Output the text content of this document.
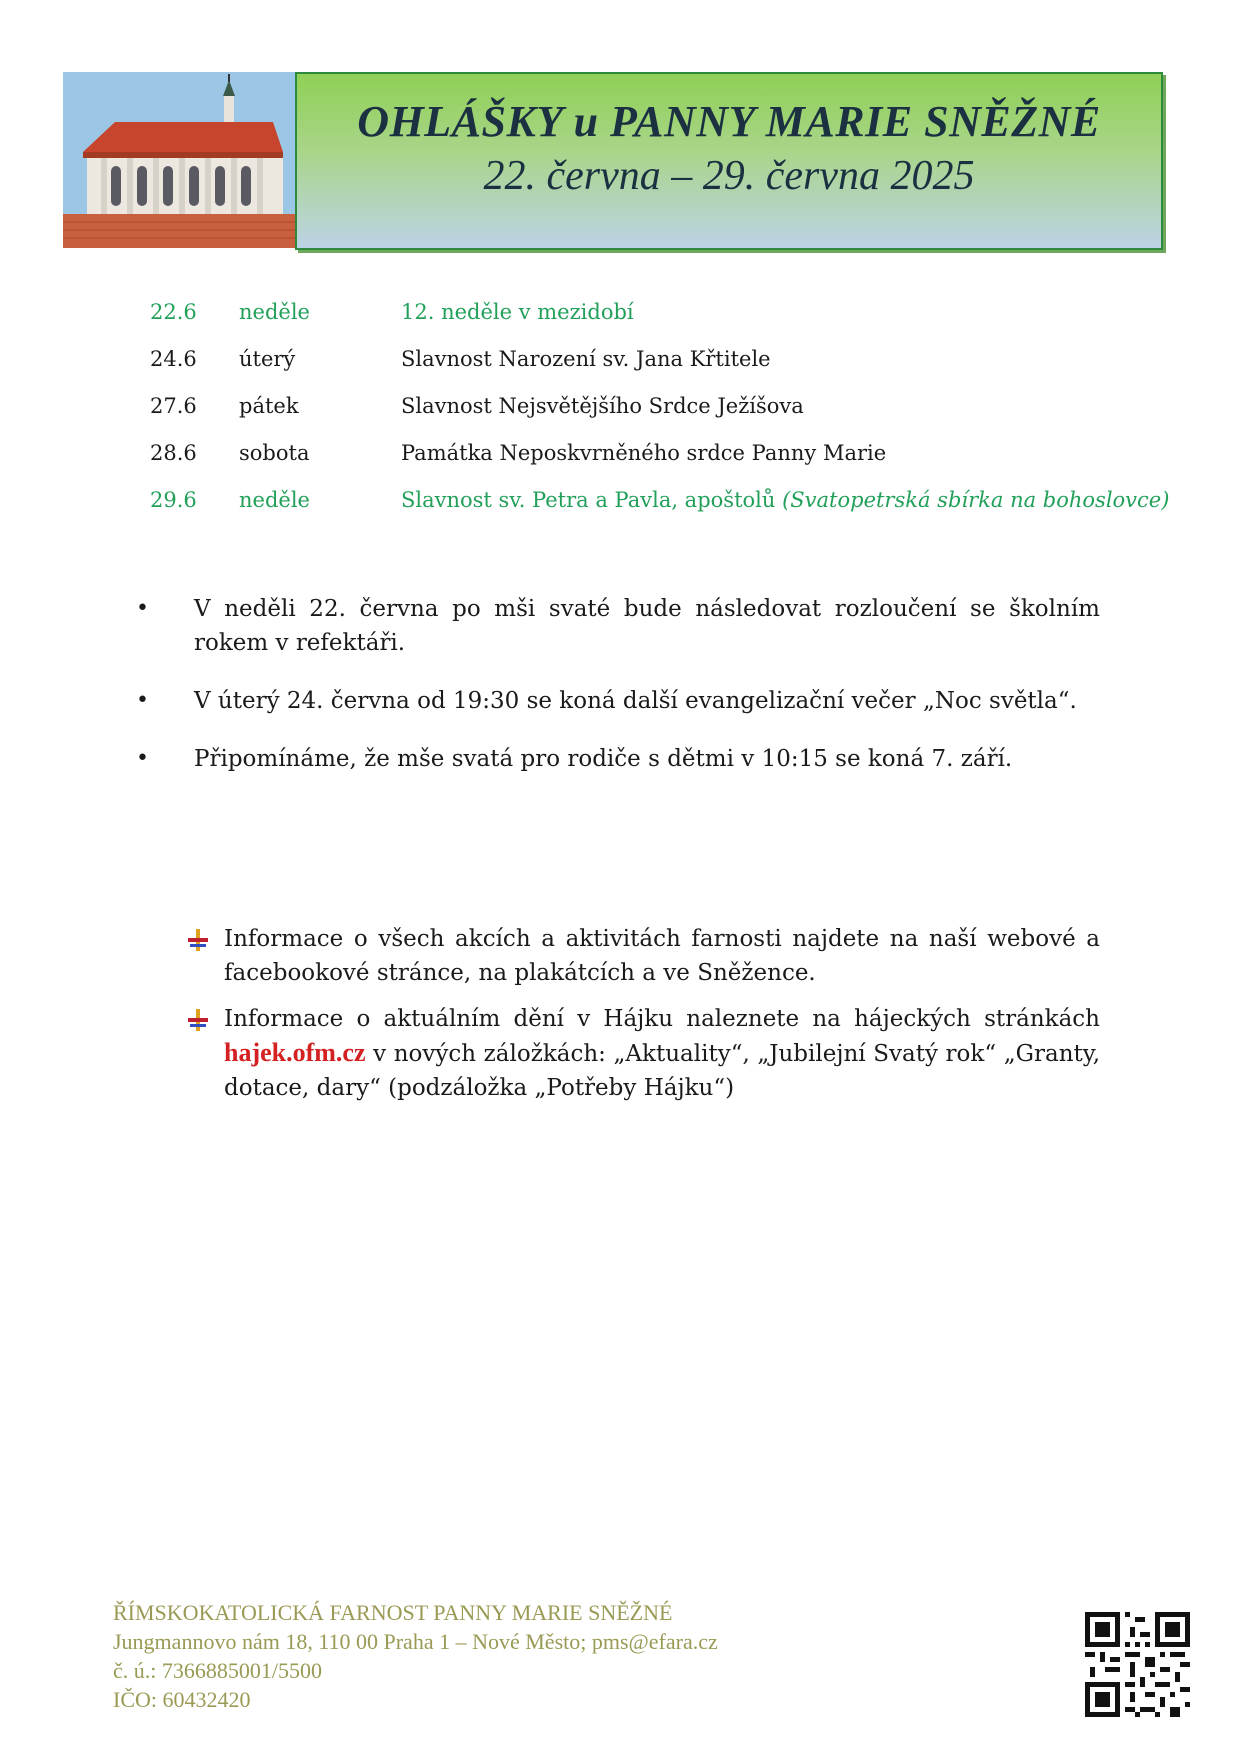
OHLÁŠKY u PANNY MARIE SNĚŽNÉ
22. června – 29. června 2025
22.6 neděle	12. neděle v mezidobí
24.6 úterý	Slavnost Narození sv. Jana Křtitele
27.6 pátek	Slavnost Nejsvětějšího Srdce Ježíšova
28.6 sobota	Památka Neposkvrněného srdce Panny Marie
29.6 neděle	Slavnost sv. Petra a Pavla, apoštolů (Svatopetrská sbírka na bohoslovce)
• V neděli 22. června po mši svaté bude následovat rozloučení se školním rokem v refektáři.
• V úterý 24. června od 19:30 se koná další evangelizační večer „Noc světla“.
• Připomínáme, že mše svatá pro rodiče s dětmi v 10:15 se koná 7. září.
Informace o všech akcích a aktivitách farnosti najdete na naší webové a facebookové stránce, na plakátcích a ve Sněžence.
Informace o aktuálním dění v Hájku naleznete na hájeckých stránkách hajek.ofm.cz v nových záložkách: „Aktuality“, „Jubilejní Svatý rok“ „Granty, dotace, dary“ (podzáložka „Potřeby Hájku“)
ŘÍMSKOKATOLICKÁ FARNOST PANNY MARIE SNĚŽNÉ
Jungmannovo nám 18, 110 00 Praha 1 – Nové Město; pms@efara.cz
č. ú.: 7366885001/5500
IČO: 60432420
